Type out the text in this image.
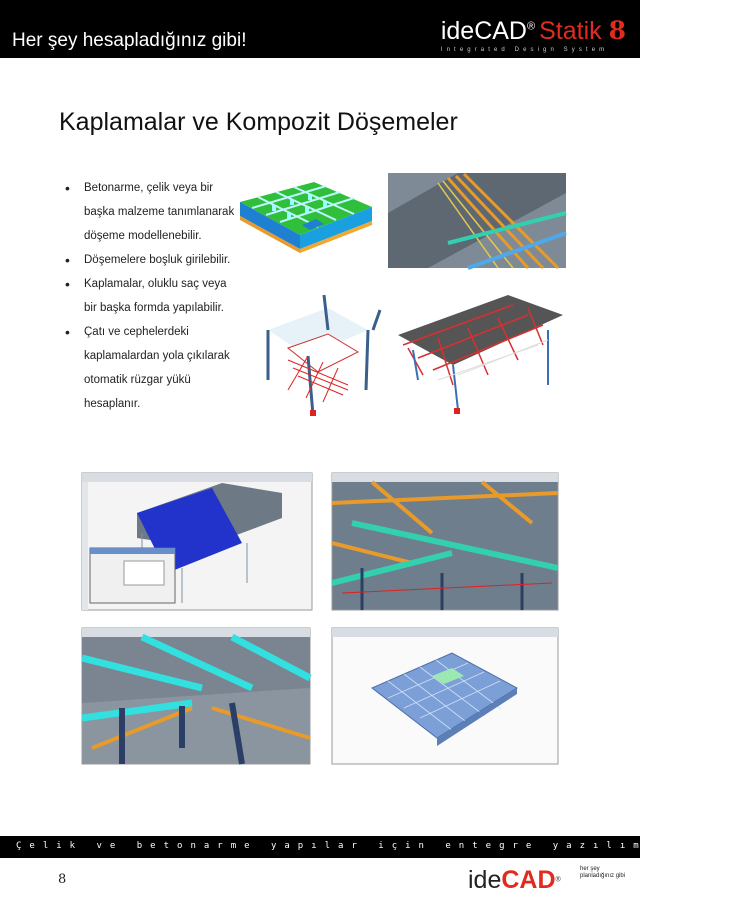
Her şey hesapladığınız gibi!	ideCAD® Statik 8
Integrated Design System
Kaplamalar ve Kompozit Döşemeler
• Betonarme, çelik veya bir başka malzeme tanımlanarak döşeme modellenebilir.
• Döşemelere boşluk girilebilir.
• Kaplamalar, oluklu saç veya bir başka formda yapılabilir.
• Çatı ve cephelerdeki kaplamalardan yola çıkılarak otomatik rüzgar yükü hesaplanır.
Çelik ve betonarme yapılar için entegre yazılım çözümü
8	ideCAD®
her şey planladığınız gibi
